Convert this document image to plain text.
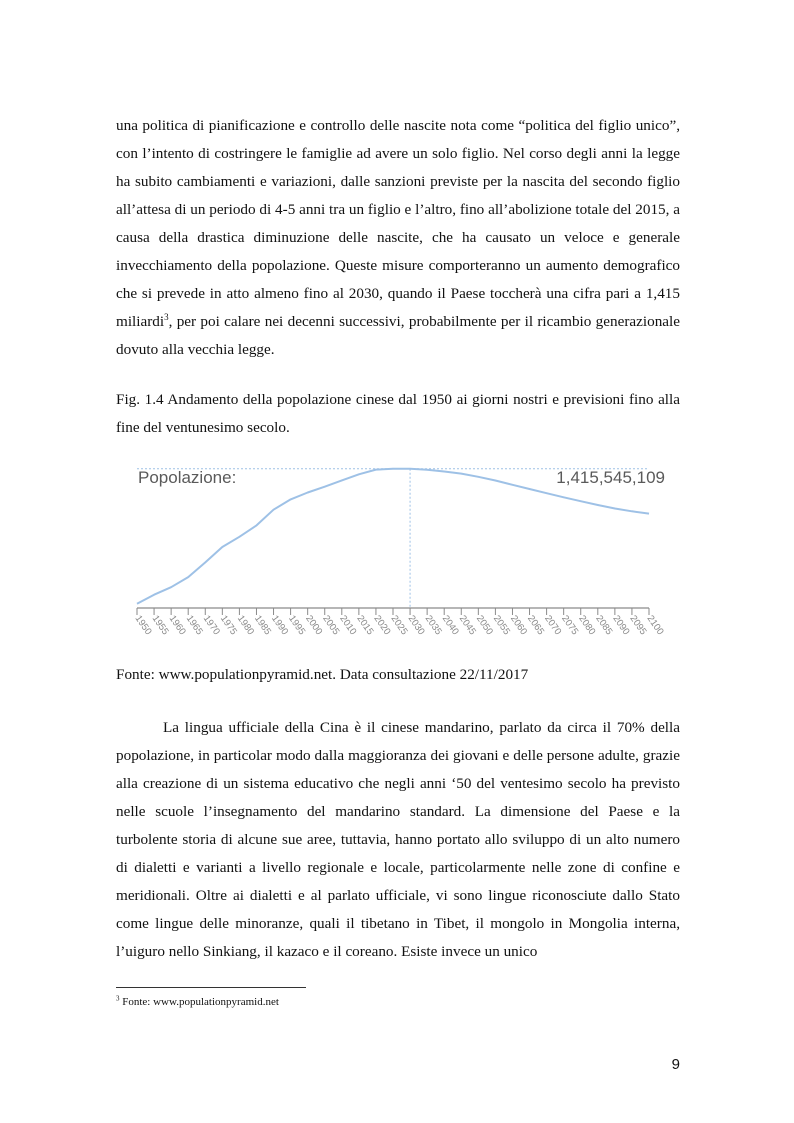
una politica di pianificazione e controllo delle nascite nota come “politica del figlio unico”, con l’intento di costringere le famiglie ad avere un solo figlio. Nel corso degli anni la legge ha subito cambiamenti e variazioni, dalle sanzioni previste per la nascita del secondo figlio all’attesa di un periodo di 4-5 anni tra un figlio e l’altro, fino all’abolizione totale del 2015, a causa della drastica diminuzione delle nascite, che ha causato un veloce e generale invecchiamento della popolazione. Queste misure comporteranno un aumento demografico che si prevede in atto almeno fino al 2030, quando il Paese toccherà una cifra pari a 1,415 miliardi$^3$, per poi calare nei decenni successivi, probabilmente per il ricambio generazionale dovuto alla vecchia legge.

Fig. 1.4 Andamento della popolazione cinese dal 1950 ai giorni nostri e previsioni fino alla fine del ventunesimo secolo.

Popolazione:	1,415,545,109
1950
1955
1960
1965
1970
1975
1980
1985
1990
1995
2000
2005
2010
2015
2020
2025
2030
2035
2040
2045
2050
2055
2060
2065
2070
2075
2080
2085
2090
2095
2100

Fonte: www.populationpyramid.net. Data consultazione 22/11/2017

La lingua ufficiale della Cina è il cinese mandarino, parlato da circa il 70% della popolazione, in particolar modo dalla maggioranza dei giovani e delle persone adulte, grazie alla creazione di un sistema educativo che negli anni ‘50 del ventesimo secolo ha previsto nelle scuole l’insegnamento del mandarino standard. La dimensione del Paese e la turbolente storia di alcune sue aree, tuttavia, hanno portato allo sviluppo di un alto numero di dialetti e varianti a livello regionale e locale, particolarmente nelle zone di confine e meridionali. Oltre ai dialetti e al parlato ufficiale, vi sono lingue riconosciute dallo Stato come lingue delle minoranze, quali il tibetano in Tibet, il mongolo in Mongolia interna, l’uiguro nello Sinkiang, il kazaco e il coreano. Esiste invece un unico

$^3$ Fonte: www.populationpyramid.net

9
